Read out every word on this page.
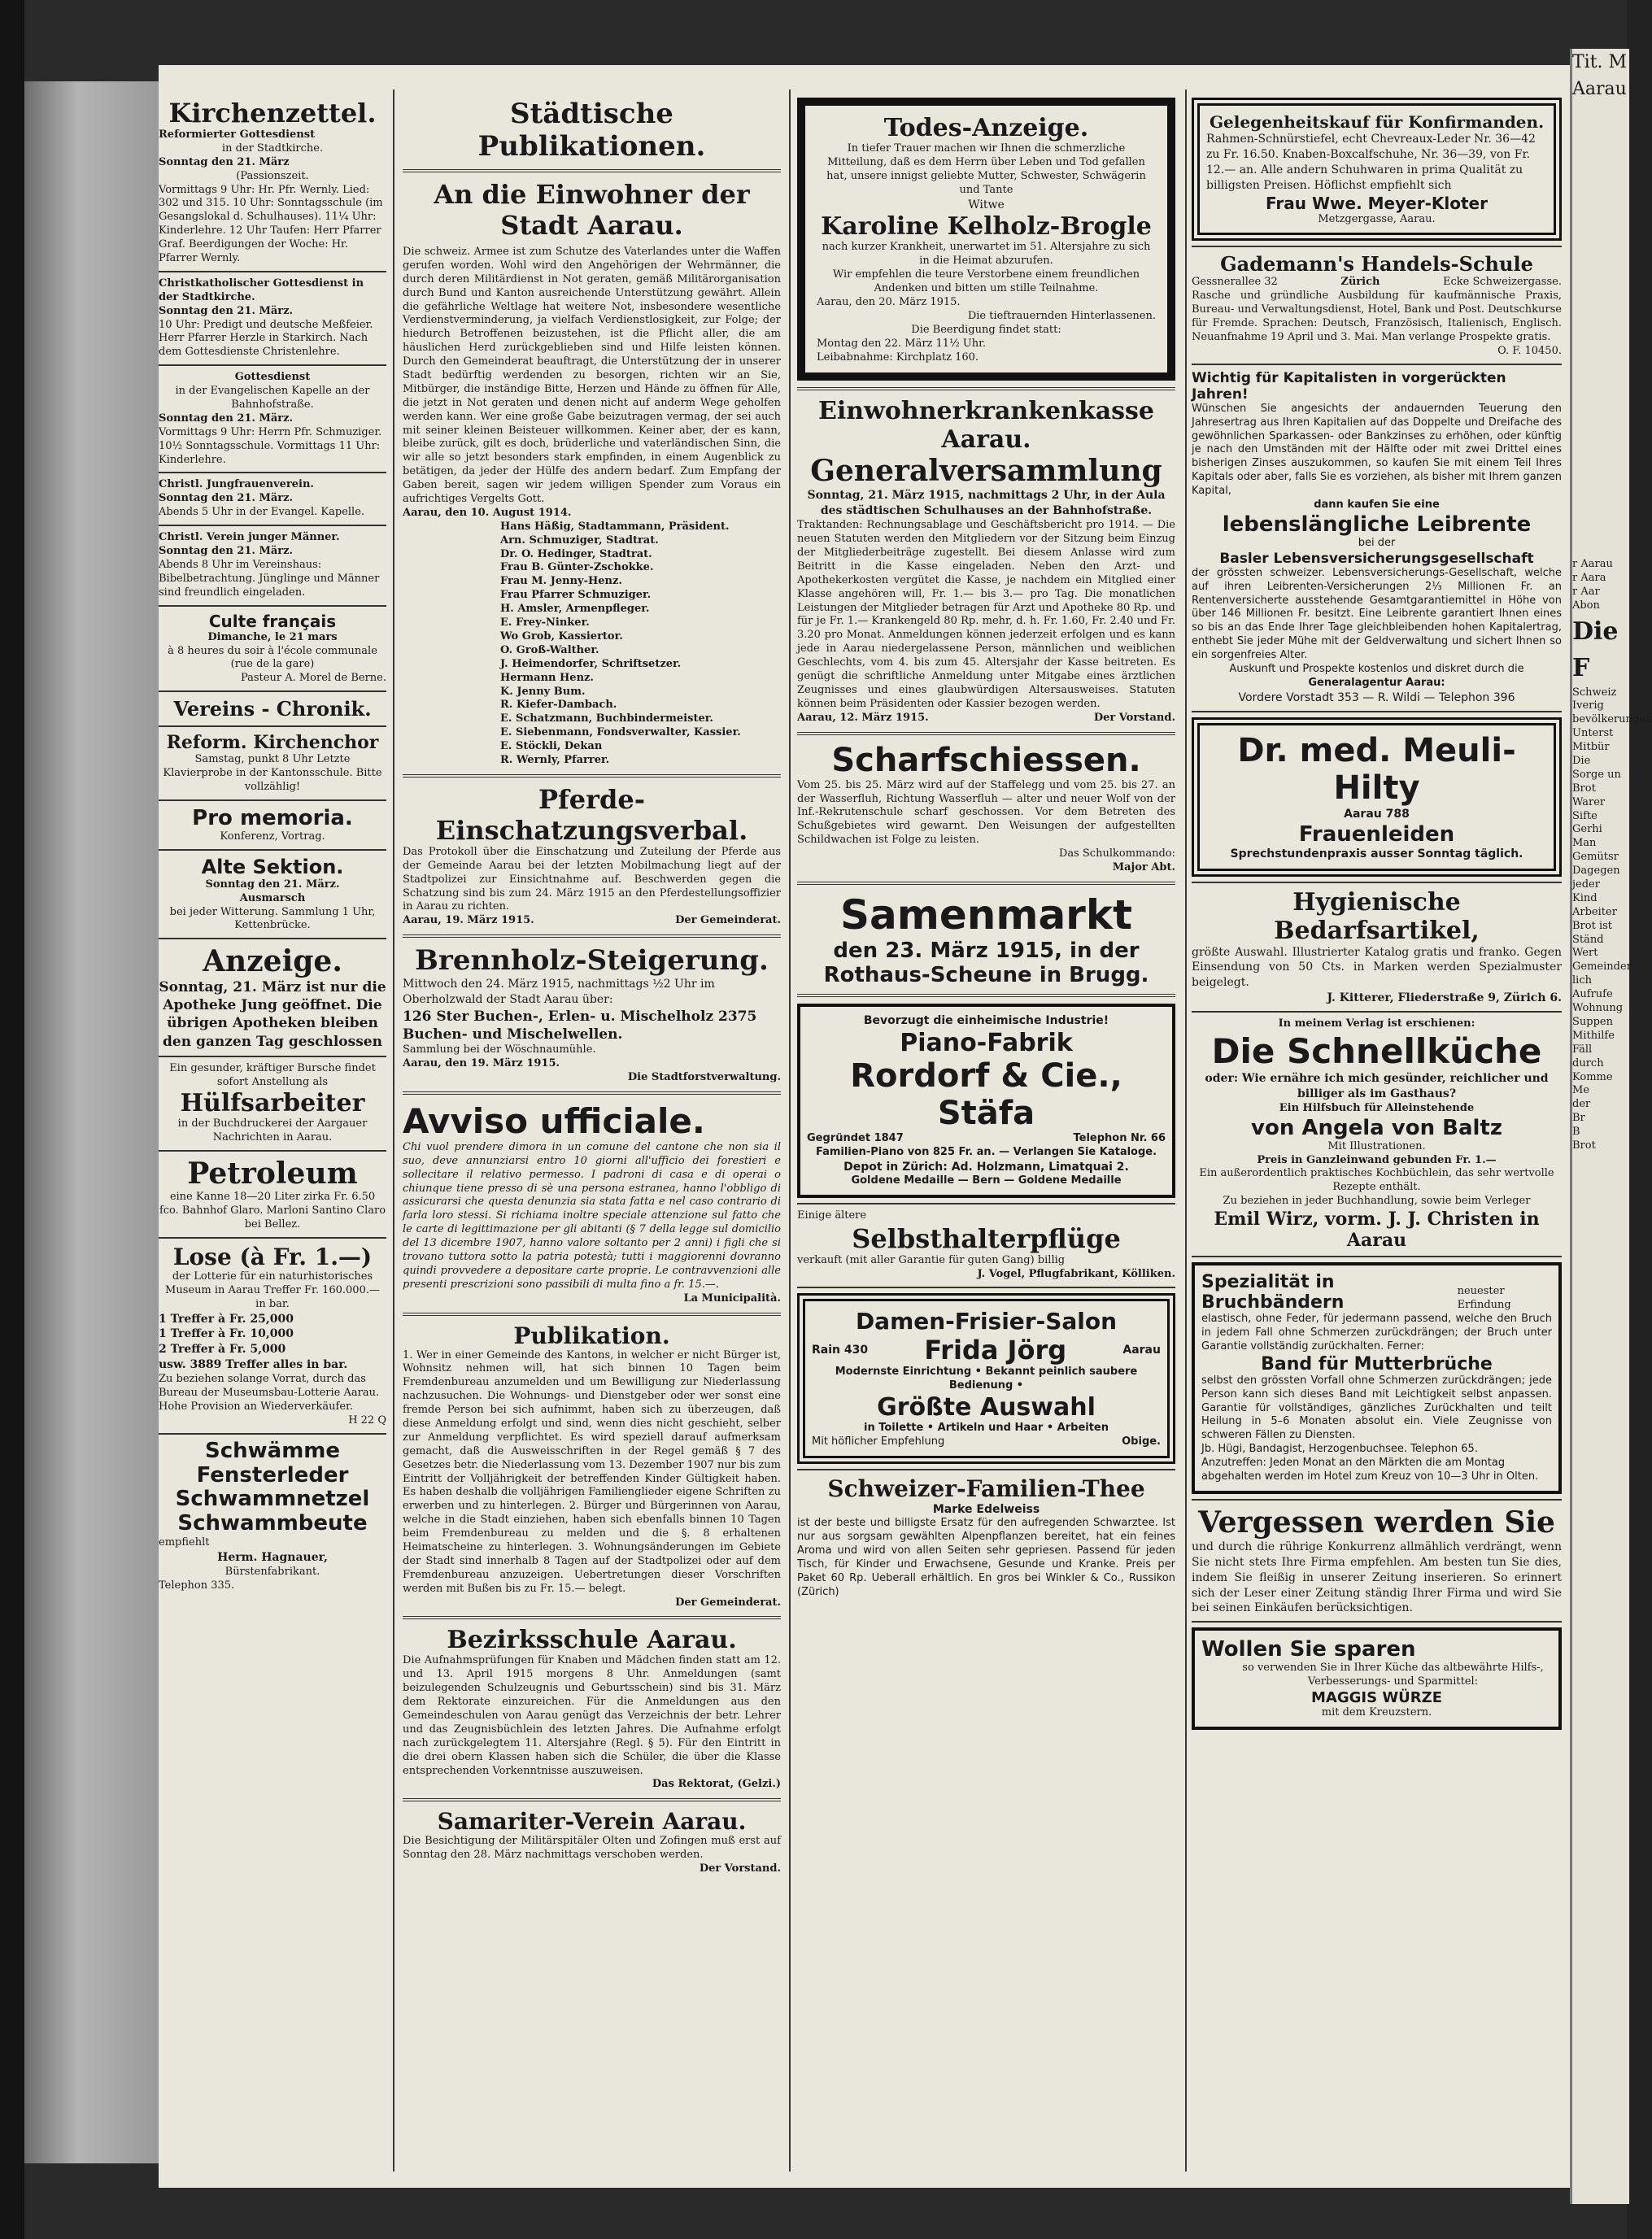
Kirchenzettel.
Reformierter Gottesdienst
in der Stadtkirche.
Sonntag den 21. März
(Passionszeit.
Vormittags 9 Uhr: Hr. Pfr. Wernly. Lied: 302 und 315. 10 Uhr: Sonntagsschule (im Gesangslokal d. Schulhauses). 11¼ Uhr: Kinderlehre. 12 Uhr Taufen: Herr Pfarrer Graf. Beerdigungen der Woche: Hr. Pfarrer Wernly.
Christkatholischer Gottesdienst in der Stadtkirche.
Sonntag den 21. März.
10 Uhr: Predigt und deutsche Meßfeier. Herr Pfarrer Herzle in Starkirch. Nach dem Gottesdienste Christenlehre.
Gottesdienst
in der Evangelischen Kapelle an der Bahnhofstraße.
Sonntag den 21. März.
Vormittags 9 Uhr: Herrn Pfr. Schmuziger. 10½ Sonntagsschule. Vormittags 11 Uhr: Kinderlehre.
Christl. Jungfrauenverein.
Sonntag den 21. März.
Abends 5 Uhr in der Evangel. Kapelle.
Christl. Verein junger Männer.
Sonntag den 21. März.
Abends 8 Uhr im Vereinshaus: Bibelbetrachtung. Jünglinge und Männer sind freundlich eingeladen.
Culte français
Dimanche, le 21 mars
à 8 heures du soir à l'école communale (rue de la gare)
Pasteur A. Morel de Berne.
Vereins - Chronik.
Reform. Kirchenchor
Samstag, punkt 8 Uhr Letzte Klavierprobe in der Kantonsschule. Bitte vollzählig!
Pro memoria.
Konferenz, Vortrag.
Alte Sektion.
Sonntag den 21. März.
Ausmarsch
bei jeder Witterung. Sammlung 1 Uhr, Kettenbrücke.
Anzeige.
Sonntag, 21. März ist nur die Apotheke Jung geöffnet. Die übrigen Apotheken bleiben den ganzen Tag geschlossen
Ein gesunder, kräftiger Bursche findet sofort Anstellung als
Hülfsarbeiter
in der Buchdruckerei der Aargauer Nachrichten in Aarau.
Petroleum
eine Kanne 18—20 Liter zirka Fr. 6.50 fco. Bahnhof Glaro. Marloni Santino Claro bei Bellez.
Lose (à Fr. 1.—)
der Lotterie für ein naturhistorisches Museum in Aarau Treffer Fr. 160.000.— in bar.
1 Treffer à Fr. 25,000
1 Treffer à Fr. 10,000
2 Treffer à Fr. 5,000
usw. 3889 Treffer alles in bar.
Zu beziehen solange Vorrat, durch das Bureau der Museumsbau-Lotterie Aarau. Hohe Provision an Wiederverkäufer.
H 22 Q
Schwämme
Fensterleder
Schwammnetzel
Schwammbeute
empfiehlt
Herm. Hagnauer,
Bürstenfabrikant.
Telephon 335.
Städtische Publikationen.
An die Einwohner der Stadt Aarau.
Die schweiz. Armee ist zum Schutze des Vaterlandes unter die Waffen gerufen worden. Wohl wird den Angehörigen der Wehrmänner, die durch deren Militärdienst in Not geraten, gemäß Militärorganisation durch Bund und Kanton ausreichende Unterstützung gewährt. Allein die gefährliche Weltlage hat weitere Not, insbesondere wesentliche Verdienstverminderung, ja vielfach Verdienstlosigkeit, zur Folge; der hiedurch Betroffenen beizustehen, ist die Pflicht aller, die am häuslichen Herd zurückgeblieben sind und Hilfe leisten können. Durch den Gemeinderat beauftragt, die Unterstützung der in unserer Stadt bedürftig werdenden zu besorgen, richten wir an Sie, Mitbürger, die inständige Bitte, Herzen und Hände zu öffnen für Alle, die jetzt in Not geraten und denen nicht auf anderm Wege geholfen werden kann. Wer eine große Gabe beizutragen vermag, der sei auch mit seiner kleinen Beisteuer willkommen. Keiner aber, der es kann, bleibe zurück, gilt es doch, brüderliche und vaterländischen Sinn, die wir alle so jetzt besonders stark empfinden, in einem Augenblick zu betätigen, da jeder der Hülfe des andern bedarf. Zum Empfang der Gaben bereit, sagen wir jedem willigen Spender zum Voraus ein aufrichtiges Vergelts Gott.
Aarau, den 10. August 1914.
Hans Häßig, Stadtammann, Präsident.
Arn. Schmuziger, Stadtrat.
Dr. O. Hedinger, Stadtrat.
Frau B. Günter-Zschokke.
Frau M. Jenny-Henz.
Frau Pfarrer Schmuziger.
H. Amsler, Armenpfleger.
E. Frey-Ninker.
Wo Grob, Kassiertor.
O. Groß-Walther.
J. Heimendorfer, Schriftsetzer.
Hermann Henz.
K. Jenny Bum.
R. Kiefer-Dambach.
E. Schatzmann, Buchbindermeister.
E. Siebenmann, Fondsverwalter, Kassier.
E. Stöckli, Dekan
R. Wernly, Pfarrer.
Pferde-Einschatzungsverbal.
Das Protokoll über die Einschatzung und Zuteilung der Pferde aus der Gemeinde Aarau bei der letzten Mobilmachung liegt auf der Stadtpolizei zur Einsichtnahme auf. Beschwerden gegen die Schatzung sind bis zum 24. März 1915 an den Pferdestellungsoffizier in Aarau zu richten.
Aarau, 19. März 1915.	Der Gemeinderat.
Brennholz-Steigerung.
Mittwoch den 24. März 1915, nachmittags ½2 Uhr im Oberholzwald der Stadt Aarau über:
126 Ster Buchen-, Erlen- u. Mischelholz 2375 Buchen- und Mischelwellen.
Sammlung bei der Wöschnaumühle.
Aarau, den 19. März 1915.
Die Stadtforstverwaltung.
Avviso ufficiale.
Chi vuol prendere dimora in un comune del cantone che non sia il suo, deve annunziarsi entro 10 giorni all'ufficio dei forestieri e sollecitare il relativo permesso. I padroni di casa e di operai o chiunque tiene presso di sè una persona estranea, hanno l'obbligo di assicurarsi che questa denunzia sia stata fatta e nel caso contrario di farla loro stessi. Si richiama inoltre speciale attenzione sul fatto che le carte di legittimazione per gli abitanti (§ 7 della legge sul domicilio del 13 dicembre 1907, hanno valore soltanto per 2 anni) i figli che si trovano tuttora sotto la patria potestà; tutti i maggiorenni dovranno quindi provvedere a depositare carte proprie. Le contravvenzioni alle presenti prescrizioni sono passibili di multa fino a fr. 15.—.
La Municipalità.
Publikation.
1. Wer in einer Gemeinde des Kantons, in welcher er nicht Bürger ist, Wohnsitz nehmen will, hat sich binnen 10 Tagen beim Fremdenbureau anzumelden und um Bewilligung zur Niederlassung nachzusuchen. Die Wohnungs- und Dienstgeber oder wer sonst eine fremde Person bei sich aufnimmt, haben sich zu überzeugen, daß diese Anmeldung erfolgt und sind, wenn dies nicht geschieht, selber zur Anmeldung verpflichtet. Es wird speziell darauf aufmerksam gemacht, daß die Ausweisschriften in der Regel gemäß § 7 des Gesetzes betr. die Niederlassung vom 13. Dezember 1907 nur bis zum Eintritt der Volljährigkeit der betreffenden Kinder Gültigkeit haben. Es haben deshalb die volljährigen Familienglieder eigene Schriften zu erwerben und zu hinterlegen. 2. Bürger und Bürgerinnen von Aarau, welche in die Stadt einziehen, haben sich ebenfalls binnen 10 Tagen beim Fremdenbureau zu melden und die §. 8 erhaltenen Heimatscheine zu hinterlegen. 3. Wohnungsänderungen im Gebiete der Stadt sind innerhalb 8 Tagen auf der Stadtpolizei oder auf dem Fremdenbureau anzuzeigen. Uebertretungen dieser Vorschriften werden mit Bußen bis zu Fr. 15.— belegt.
Der Gemeinderat.
Bezirksschule Aarau.
Die Aufnahmsprüfungen für Knaben und Mädchen finden statt am 12. und 13. April 1915 morgens 8 Uhr. Anmeldungen (samt beizulegenden Schulzeugnis und Geburtsschein) sind bis 31. März dem Rektorate einzureichen. Für die Anmeldungen aus den Gemeindeschulen von Aarau genügt das Verzeichnis der betr. Lehrer und das Zeugnisbüchlein des letzten Jahres. Die Aufnahme erfolgt nach zurückgelegtem 11. Altersjahre (Regl. § 5). Für den Eintritt in die drei obern Klassen haben sich die Schüler, die über die Klasse entsprechenden Vorkenntnisse auszuweisen.
Das Rektorat, (Gelzi.)
Samariter-Verein Aarau.
Die Besichtigung der Militärspitäler Olten und Zofingen muß erst auf Sonntag den 28. März nachmittags verschoben werden.
Der Vorstand.
Todes-Anzeige.
In tiefer Trauer machen wir Ihnen die schmerzliche Mitteilung, daß es dem Herrn über Leben und Tod gefallen hat, unsere innigst geliebte Mutter, Schwester, Schwägerin und Tante
Witwe
Karoline Kelholz-Brogle
nach kurzer Krankheit, unerwartet im 51. Altersjahre zu sich in die Heimat abzurufen.
Wir empfehlen die teure Verstorbene einem freundlichen Andenken und bitten um stille Teilnahme.
Aarau, den 20. März 1915.
Die tieftrauernden Hinterlassenen.
Die Beerdigung findet statt:
Montag den 22. März 11½ Uhr.
Leibabnahme: Kirchplatz 160.
Einwohnerkrankenkasse Aarau.
Generalversammlung
Sonntag, 21. März 1915, nachmittags 2 Uhr, in der Aula des städtischen Schulhauses an der Bahnhofstraße.
Traktanden: Rechnungsablage und Geschäftsbericht pro 1914. — Die neuen Statuten werden den Mitgliedern vor der Sitzung beim Einzug der Mitgliederbeiträge zugestellt. Bei diesem Anlasse wird zum Beitritt in die Kasse eingeladen. Neben den Arzt- und Apothekerkosten vergütet die Kasse, je nachdem ein Mitglied einer Klasse angehören will, Fr. 1.— bis 3.— pro Tag. Die monatlichen Leistungen der Mitglieder betragen für Arzt und Apotheke 80 Rp. und für je Fr. 1.— Krankengeld 80 Rp. mehr, d. h. Fr. 1.60, Fr. 2.40 und Fr. 3.20 pro Monat. Anmeldungen können jederzeit erfolgen und es kann jede in Aarau niedergelassene Person, männlichen und weiblichen Geschlechts, vom 4. bis zum 45. Altersjahr der Kasse beitreten. Es genügt die schriftliche Anmeldung unter Mitgabe eines ärztlichen Zeugnisses und eines glaubwürdigen Altersausweises. Statuten können beim Präsidenten oder Kassier bezogen werden.
Aarau, 12. März 1915.	Der Vorstand.
Scharfschiessen.
Vom 25. bis 25. März wird auf der Staffelegg und vom 25. bis 27. an der Wasserfluh, Richtung Wasserfluh — alter und neuer Wolf von der Inf.-Rekrutenschule scharf geschossen. Vor dem Betreten des Schußgebietes wird gewarnt. Den Weisungen der aufgestellten Schildwachen ist Folge zu leisten.
Das Schulkommando:
Major Abt.
Samenmarkt
den 23. März 1915, in der Rothaus-Scheune in Brugg.
Bevorzugt die einheimische Industrie!
Piano-Fabrik
Rordorf & Cie., Stäfa
Gegründet 1847	Telephon Nr. 66
Familien-Piano von 825 Fr. an. — Verlangen Sie Kataloge.
Depot in Zürich: Ad. Holzmann, Limatquai 2.
Goldene Medaille — Bern — Goldene Medaille
Einige ältere
Selbsthalterpflüge
verkauft (mit aller Garantie für guten Gang) billig
J. Vogel, Pflugfabrikant, Kölliken.
Damen-Frisier-Salon
Rain 430 Frida Jörg	Aarau
Modernste Einrichtung • Bekannt peinlich saubere Bedienung •
Größte Auswahl
in Toilette • Artikeln und Haar • Arbeiten
Mit höflicher Empfehlung	Obige.
Schweizer-Familien-Thee
Marke Edelweiss
ist der beste und billigste Ersatz für den aufregenden Schwarztee. Ist nur aus sorgsam gewählten Alpenpflanzen bereitet, hat ein feines Aroma und wird von allen Seiten sehr gepriesen. Passend für jeden Tisch, für Kinder und Erwachsene, Gesunde und Kranke. Preis per Paket 60 Rp. Ueberall erhältlich. En gros bei Winkler & Co., Russikon (Zürich)
Gelegenheitskauf für Konfirmanden.
Rahmen-Schnürstiefel, echt Chevreaux-Leder Nr. 36—42 zu Fr. 16.50. Knaben-Boxcalfschuhe, Nr. 36—39, von Fr. 12.— an. Alle andern Schuhwaren in prima Qualität zu billigsten Preisen. Höflichst empfiehlt sich
Frau Wwe. Meyer-Kloter
Metzgergasse, Aarau.
Gademann's Handels-Schule
Gessnerallee 32	Zürich	Ecke Schweizergasse.
Rasche und gründliche Ausbildung für kaufmännische Praxis, Bureau- und Verwaltungsdienst, Hotel, Bank und Post. Deutschkurse für Fremde. Sprachen: Deutsch, Französisch, Italienisch, Englisch. Neuanfnahme 19 April und 3. Mai. Man verlange Prospekte gratis.
O. F. 10450.
Wichtig für Kapitalisten in vorgerückten Jahren!
Wünschen Sie angesichts der andauernden Teuerung den Jahresertrag aus Ihren Kapitalien auf das Doppelte und Dreifache des gewöhnlichen Sparkassen- oder Bankzinses zu erhöhen, oder künftig je nach den Umständen mit der Hälfte oder mit zwei Drittel eines bisherigen Zinses auszukommen, so kaufen Sie mit einem Teil Ihres Kapitals oder aber, falls Sie es vorziehen, als bisher mit Ihrem ganzen Kapital,
dann kaufen Sie eine
lebenslängliche Leibrente
bei der
Basler Lebensversicherungsgesellschaft
der grössten schweizer. Lebensversicherungs-Gesellschaft, welche auf ihren Leibrenten-Versicherungen 2⅓ Millionen Fr. an Rentenversicherte ausstehende Gesamtgarantiemittel in Höhe von über 146 Millionen Fr. besitzt. Eine Leibrente garantiert Ihnen eines so bis an das Ende Ihrer Tage gleichbleibenden hohen Kapitalertrag, enthebt Sie jeder Mühe mit der Geldverwaltung und sichert Ihnen so ein sorgenfreies Alter.
Auskunft und Prospekte kostenlos und diskret durch die
Generalagentur Aarau:
Vordere Vorstadt 353 — R. Wildi — Telephon 396
Dr. med. Meuli-Hilty
Aarau 788
Frauenleiden
Sprechstundenpraxis ausser Sonntag täglich.
Hygienische Bedarfsartikel,
größte Auswahl. Illustrierter Katalog gratis und franko. Gegen Einsendung von 50 Cts. in Marken werden Spezialmuster beigelegt.
J. Kitterer, Fliederstraße 9, Zürich 6.
In meinem Verlag ist erschienen:
Die Schnellküche
oder: Wie ernähre ich mich gesünder, reichlicher und billiger als im Gasthaus?
Ein Hilfsbuch für Alleinstehende
von Angela von Baltz
Mit Illustrationen.
Preis in Ganzleinwand gebunden Fr. 1.—
Ein außerordentlich praktisches Kochbüchlein, das sehr wertvolle Rezepte enthält.
Zu beziehen in jeder Buchhandlung, sowie beim Verleger
Emil Wirz, vorm. J. J. Christen in Aarau
Spezialität in Bruchbändern
neuester Erfindung
elastisch, ohne Feder, für jedermann passend, welche den Bruch in jedem Fall ohne Schmerzen zurückdrängen; der Bruch unter Garantie vollständig zurückhalten. Ferner:
Band für Mutterbrüche
selbst den grössten Vorfall ohne Schmerzen zurückdrängen; jede Person kann sich dieses Band mit Leichtigkeit selbst anpassen. Garantie für vollständiges, gänzliches Zurückhalten und teilt Heilung in 5–6 Monaten absolut ein. Viele Zeugnisse von schweren Fällen zu Diensten.
Jb. Hügi, Bandagist, Herzogenbuchsee. Telephon 65.
Anzutreffen: Jeden Monat an den Märkten die am Montag abgehalten werden im Hotel zum Kreuz von 10—3 Uhr in Olten.
Vergessen werden Sie
und durch die rührige Konkurrenz allmählich verdrängt, wenn Sie nicht stets Ihre Firma empfehlen. Am besten tun Sie dies, indem Sie fleißig in unserer Zeitung inserieren. So erinnert sich der Leser einer Zeitung ständig Ihrer Firma und wird Sie bei seinen Einkäufen berücksichtigen.
Wollen Sie sparen
so verwenden Sie in Ihrer Küche das altbewährte Hilfs-, Verbesserungs- und Sparmittel:
MAGGIS WÜRZE
mit dem Kreuzstern.
Tit. M
Aarau
r Aarau
r Aara
r Aar
Abon
Die F
Schweiz
Iverig
bevölkerungen
Unterst
Mitbür
Die
Sorge un
Brot
Warer
Sifte
Gerhi
Man
Gemütsr
Dagegen
jeder
Kind
Arbeiter
Brot ist
Ständ
Wert
Gemeinder
lich
Aufrufe
Wohnung
Suppen
Mithilfe
Fäll
durch
Komme
Me
der
Br
B
Brot
